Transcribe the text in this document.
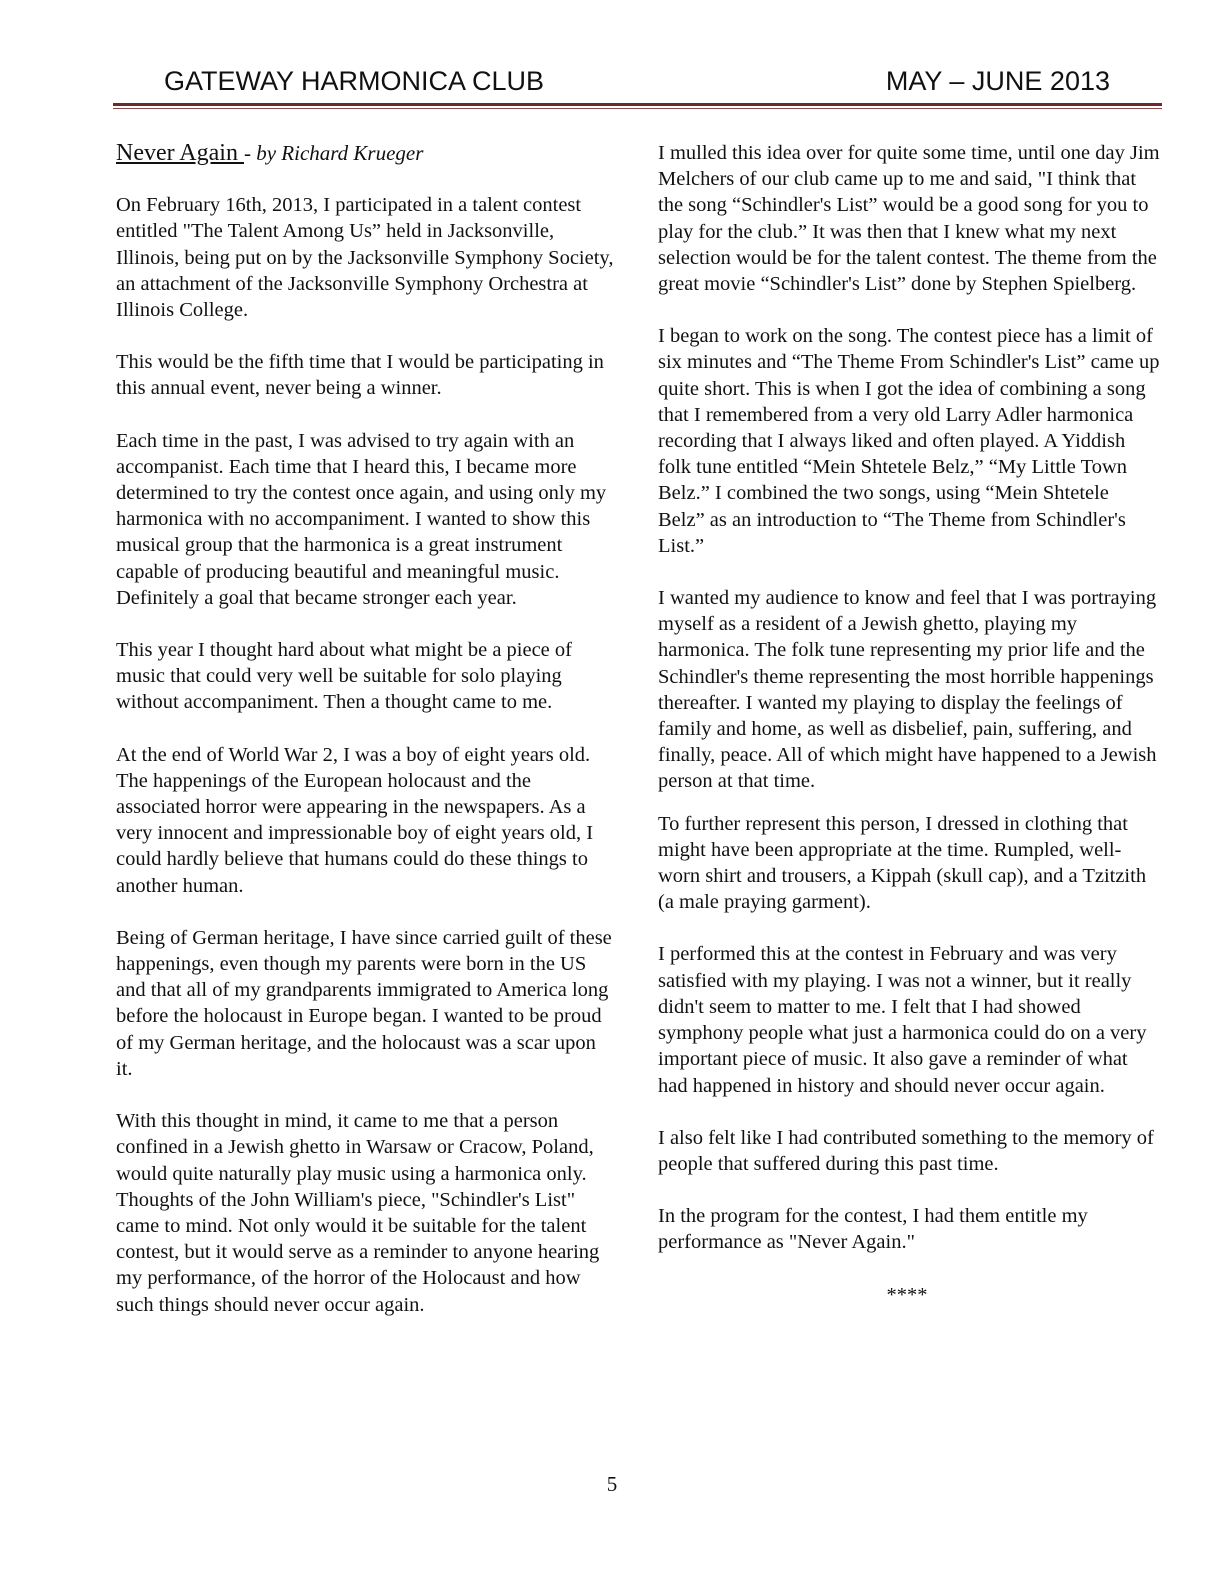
GATEWAY HARMONICA CLUB	MAY – JUNE 2013

Never Again - by Richard Krueger

On February 16th, 2013, I participated in a talent contest entitled "The Talent Among Us” held in Jacksonville, Illinois, being put on by the Jacksonville Symphony Society, an attachment of the Jacksonville Symphony Orchestra at Illinois College.

This would be the fifth time that I would be participating in this annual event, never being a winner.

Each time in the past, I was advised to try again with an accompanist. Each time that I heard this, I became more determined to try the contest once again, and using only my harmonica with no accompaniment. I wanted to show this musical group that the harmonica is a great instrument capable of producing beautiful and meaningful music. Definitely a goal that became stronger each year.

This year I thought hard about what might be a piece of music that could very well be suitable for solo playing without accompaniment. Then a thought came to me.

At the end of World War 2, I was a boy of eight years old. The happenings of the European holocaust and the associated horror were appearing in the newspapers. As a very innocent and impressionable boy of eight years old, I could hardly believe that humans could do these things to another human.

Being of German heritage, I have since carried guilt of these happenings, even though my parents were born in the US and that all of my grandparents immigrated to America long before the holocaust in Europe began. I wanted to be proud of my German heritage, and the holocaust was a scar upon it.

With this thought in mind, it came to me that a person confined in a Jewish ghetto in Warsaw or Cracow, Poland, would quite naturally play music using a harmonica only. Thoughts of the John William's piece, "Schindler's List" came to mind. Not only would it be suitable for the talent contest, but it would serve as a reminder to anyone hearing my performance, of the horror of the Holocaust and how such things should never occur again.

I mulled this idea over for quite some time, until one day Jim Melchers of our club came up to me and said, "I think that the song “Schindler's List” would be a good song for you to play for the club.” It was then that I knew what my next selection would be for the talent contest. The theme from the great movie “Schindler's List” done by Stephen Spielberg.

I began to work on the song. The contest piece has a limit of six minutes and “The Theme From Schindler's List” came up quite short. This is when I got the idea of combining a song that I remembered from a very old Larry Adler harmonica recording that I always liked and often played. A Yiddish folk tune entitled “Mein Shtetele Belz,” “My Little Town Belz.” I combined the two songs, using “Mein Shtetele Belz” as an introduction to “The Theme from Schindler's List.”

I wanted my audience to know and feel that I was portraying myself as a resident of a Jewish ghetto, playing my harmonica. The folk tune representing my prior life and the Schindler's theme representing the most horrible happenings thereafter. I wanted my playing to display the feelings of family and home, as well as disbelief, pain, suffering, and finally, peace. All of which might have happened to a Jewish person at that time.

To further represent this person, I dressed in clothing that might have been appropriate at the time. Rumpled, well-worn shirt and trousers, a Kippah (skull cap), and a Tzitzith (a male praying garment).

I performed this at the contest in February and was very satisfied with my playing. I was not a winner, but it really didn't seem to matter to me. I felt that I had showed symphony people what just a harmonica could do on a very important piece of music. It also gave a reminder of what had happened in history and should never occur again.

I also felt like I had contributed something to the memory of people that suffered during this past time.

In the program for the contest, I had them entitle my performance as "Never Again."

****

5
